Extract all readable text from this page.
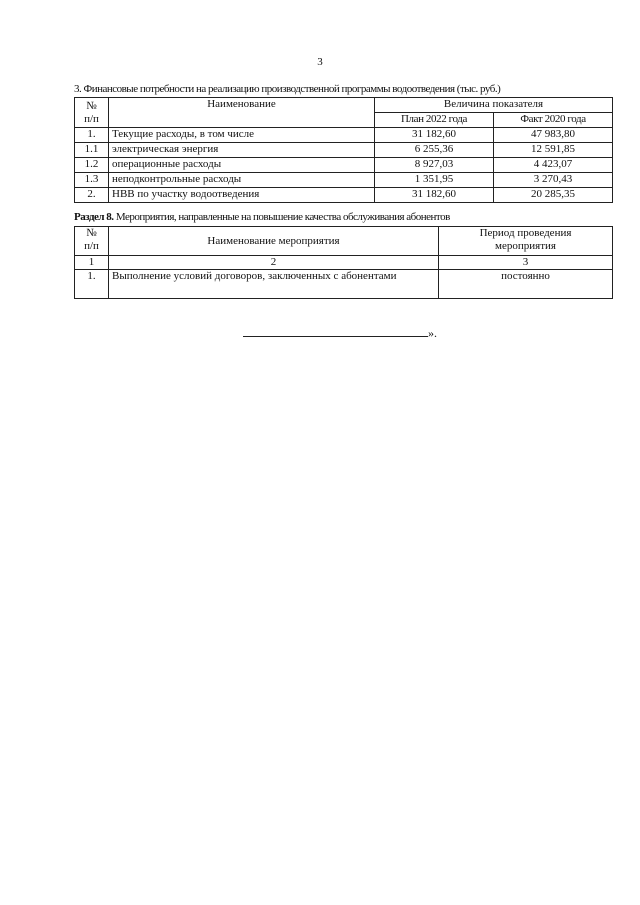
3
3. Финансовые потребности на реализацию производственной программы водоотведения (тыс. руб.)
№
п/п	Наименование	Величина показателя	
		План 2022 года	Факт 2020 года
1.	Текущие расходы, в том числе	31 182,60	47 983,80
1.1	электрическая энергия	6 255,36	12 591,85
1.2	операционные расходы	8 927,03	4 423,07
1.3	неподконтрольные расходы	1 351,95	3 270,43
2.	НВВ по участку водоотведения	31 182,60	20 285,35
Раздел 8. Мероприятия, направленные на повышение качества обслуживания абонентов
№
п/п	Наименование мероприятия	Период проведения мероприятия
1	2	3
1.	Выполнение условий договоров, заключенных с абонентами	постоянно
».
